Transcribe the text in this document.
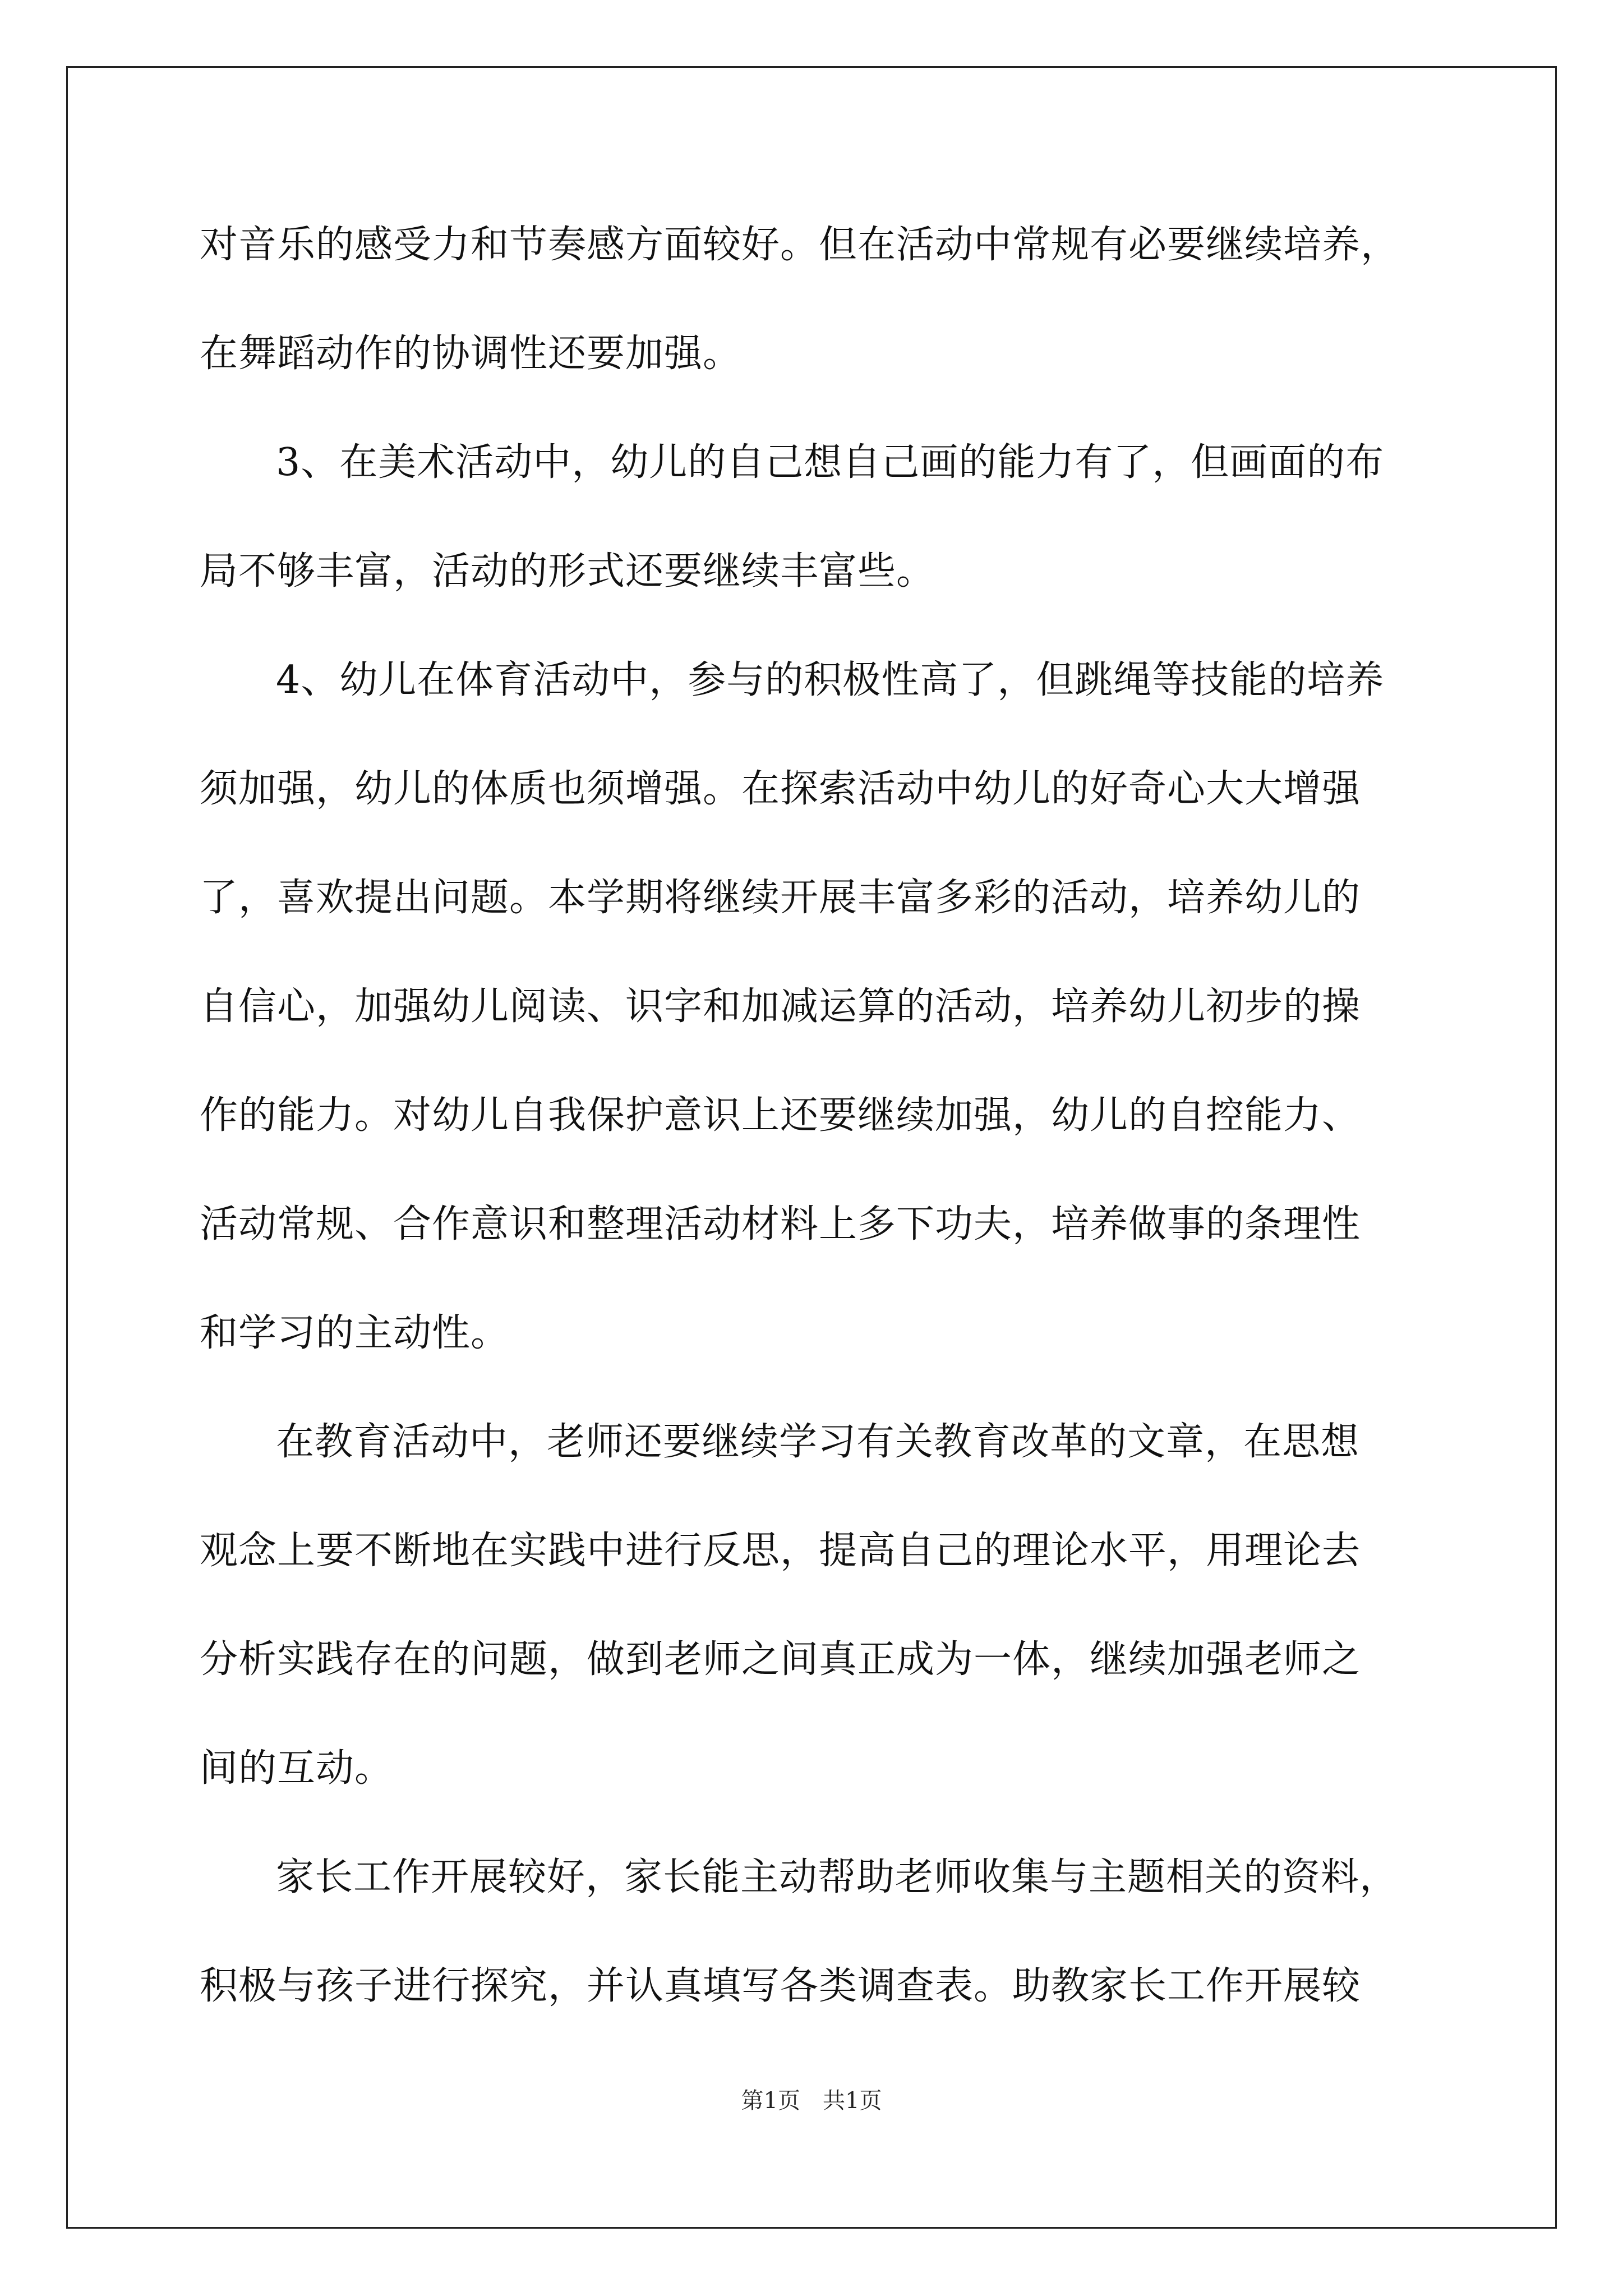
对音乐的感受力和节奏感方面较好。但在活动中常规有必要继续培养，
在舞蹈动作的协调性还要加强。
3、在美术活动中，幼儿的自己想自己画的能力有了，但画面的布
局不够丰富，活动的形式还要继续丰富些。
4、幼儿在体育活动中，参与的积极性高了，但跳绳等技能的培养
须加强，幼儿的体质也须增强。在探索活动中幼儿的好奇心大大增强
了，喜欢提出问题。本学期将继续开展丰富多彩的活动，培养幼儿的
自信心，加强幼儿阅读、识字和加减运算的活动，培养幼儿初步的操
作的能力。对幼儿自我保护意识上还要继续加强，幼儿的自控能力、
活动常规、合作意识和整理活动材料上多下功夫，培养做事的条理性
和学习的主动性。
在教育活动中，老师还要继续学习有关教育改革的文章，在思想
观念上要不断地在实践中进行反思，提高自己的理论水平，用理论去
分析实践存在的问题，做到老师之间真正成为一体，继续加强老师之
间的互动。
家长工作开展较好，家长能主动帮助老师收集与主题相关的资料，
积极与孩子进行探究，并认真填写各类调查表。助教家长工作开展较
第1页　共1页
